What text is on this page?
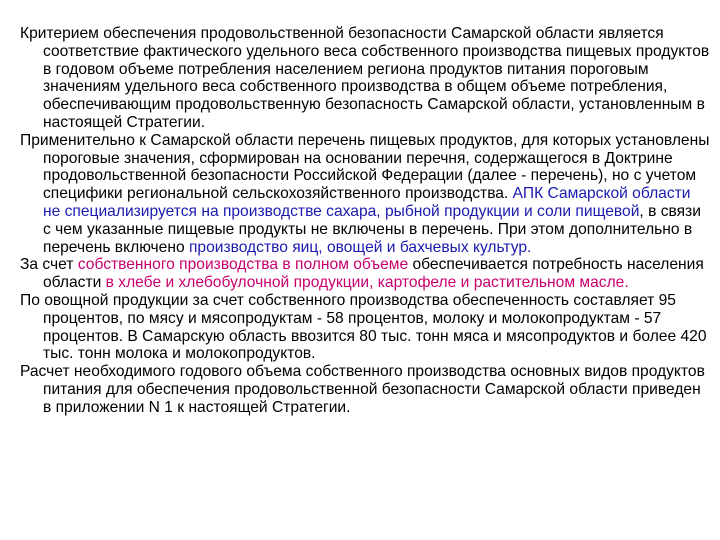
Критерием обеспечения продовольственной безопасности Самарской области является соответствие фактического удельного веса собственного производства пищевых продуктов в годовом объеме потребления населением региона продуктов питания пороговым значениям удельного веса собственного производства в общем объеме потребления, обеспечивающим продовольственную безопасность Самарской области, установленным в настоящей Стратегии.

Применительно к Самарской области перечень пищевых продуктов, для которых установлены пороговые значения, сформирован на основании перечня, содержащегося в Доктрине продовольственной безопасности Российской Федерации (далее - перечень), но с учетом специфики региональной сельскохозяйственного производства. АПК Самарской области не специализируется на производстве сахара, рыбной продукции и соли пищевой, в связи с чем указанные пищевые продукты не включены в перечень. При этом дополнительно в перечень включено производство яиц, овощей и бахчевых культур.

За счет собственного производства в полном объеме обеспечивается потребность населения области в хлебе и хлебобулочной продукции, картофеле и растительном масле.

По овощной продукции за счет собственного производства обеспеченность составляет 95 процентов, по мясу и мясопродуктам - 58 процентов, молоку и молокопродуктам - 57 процентов. В Самарскую область ввозится 80 тыс. тонн мяса и мясопродуктов и более 420 тыс. тонн молока и молокопродуктов.

Расчет необходимого годового объема собственного производства основных видов продуктов питания для обеспечения продовольственной безопасности Самарской области приведен в приложении N 1 к настоящей Стратегии.
